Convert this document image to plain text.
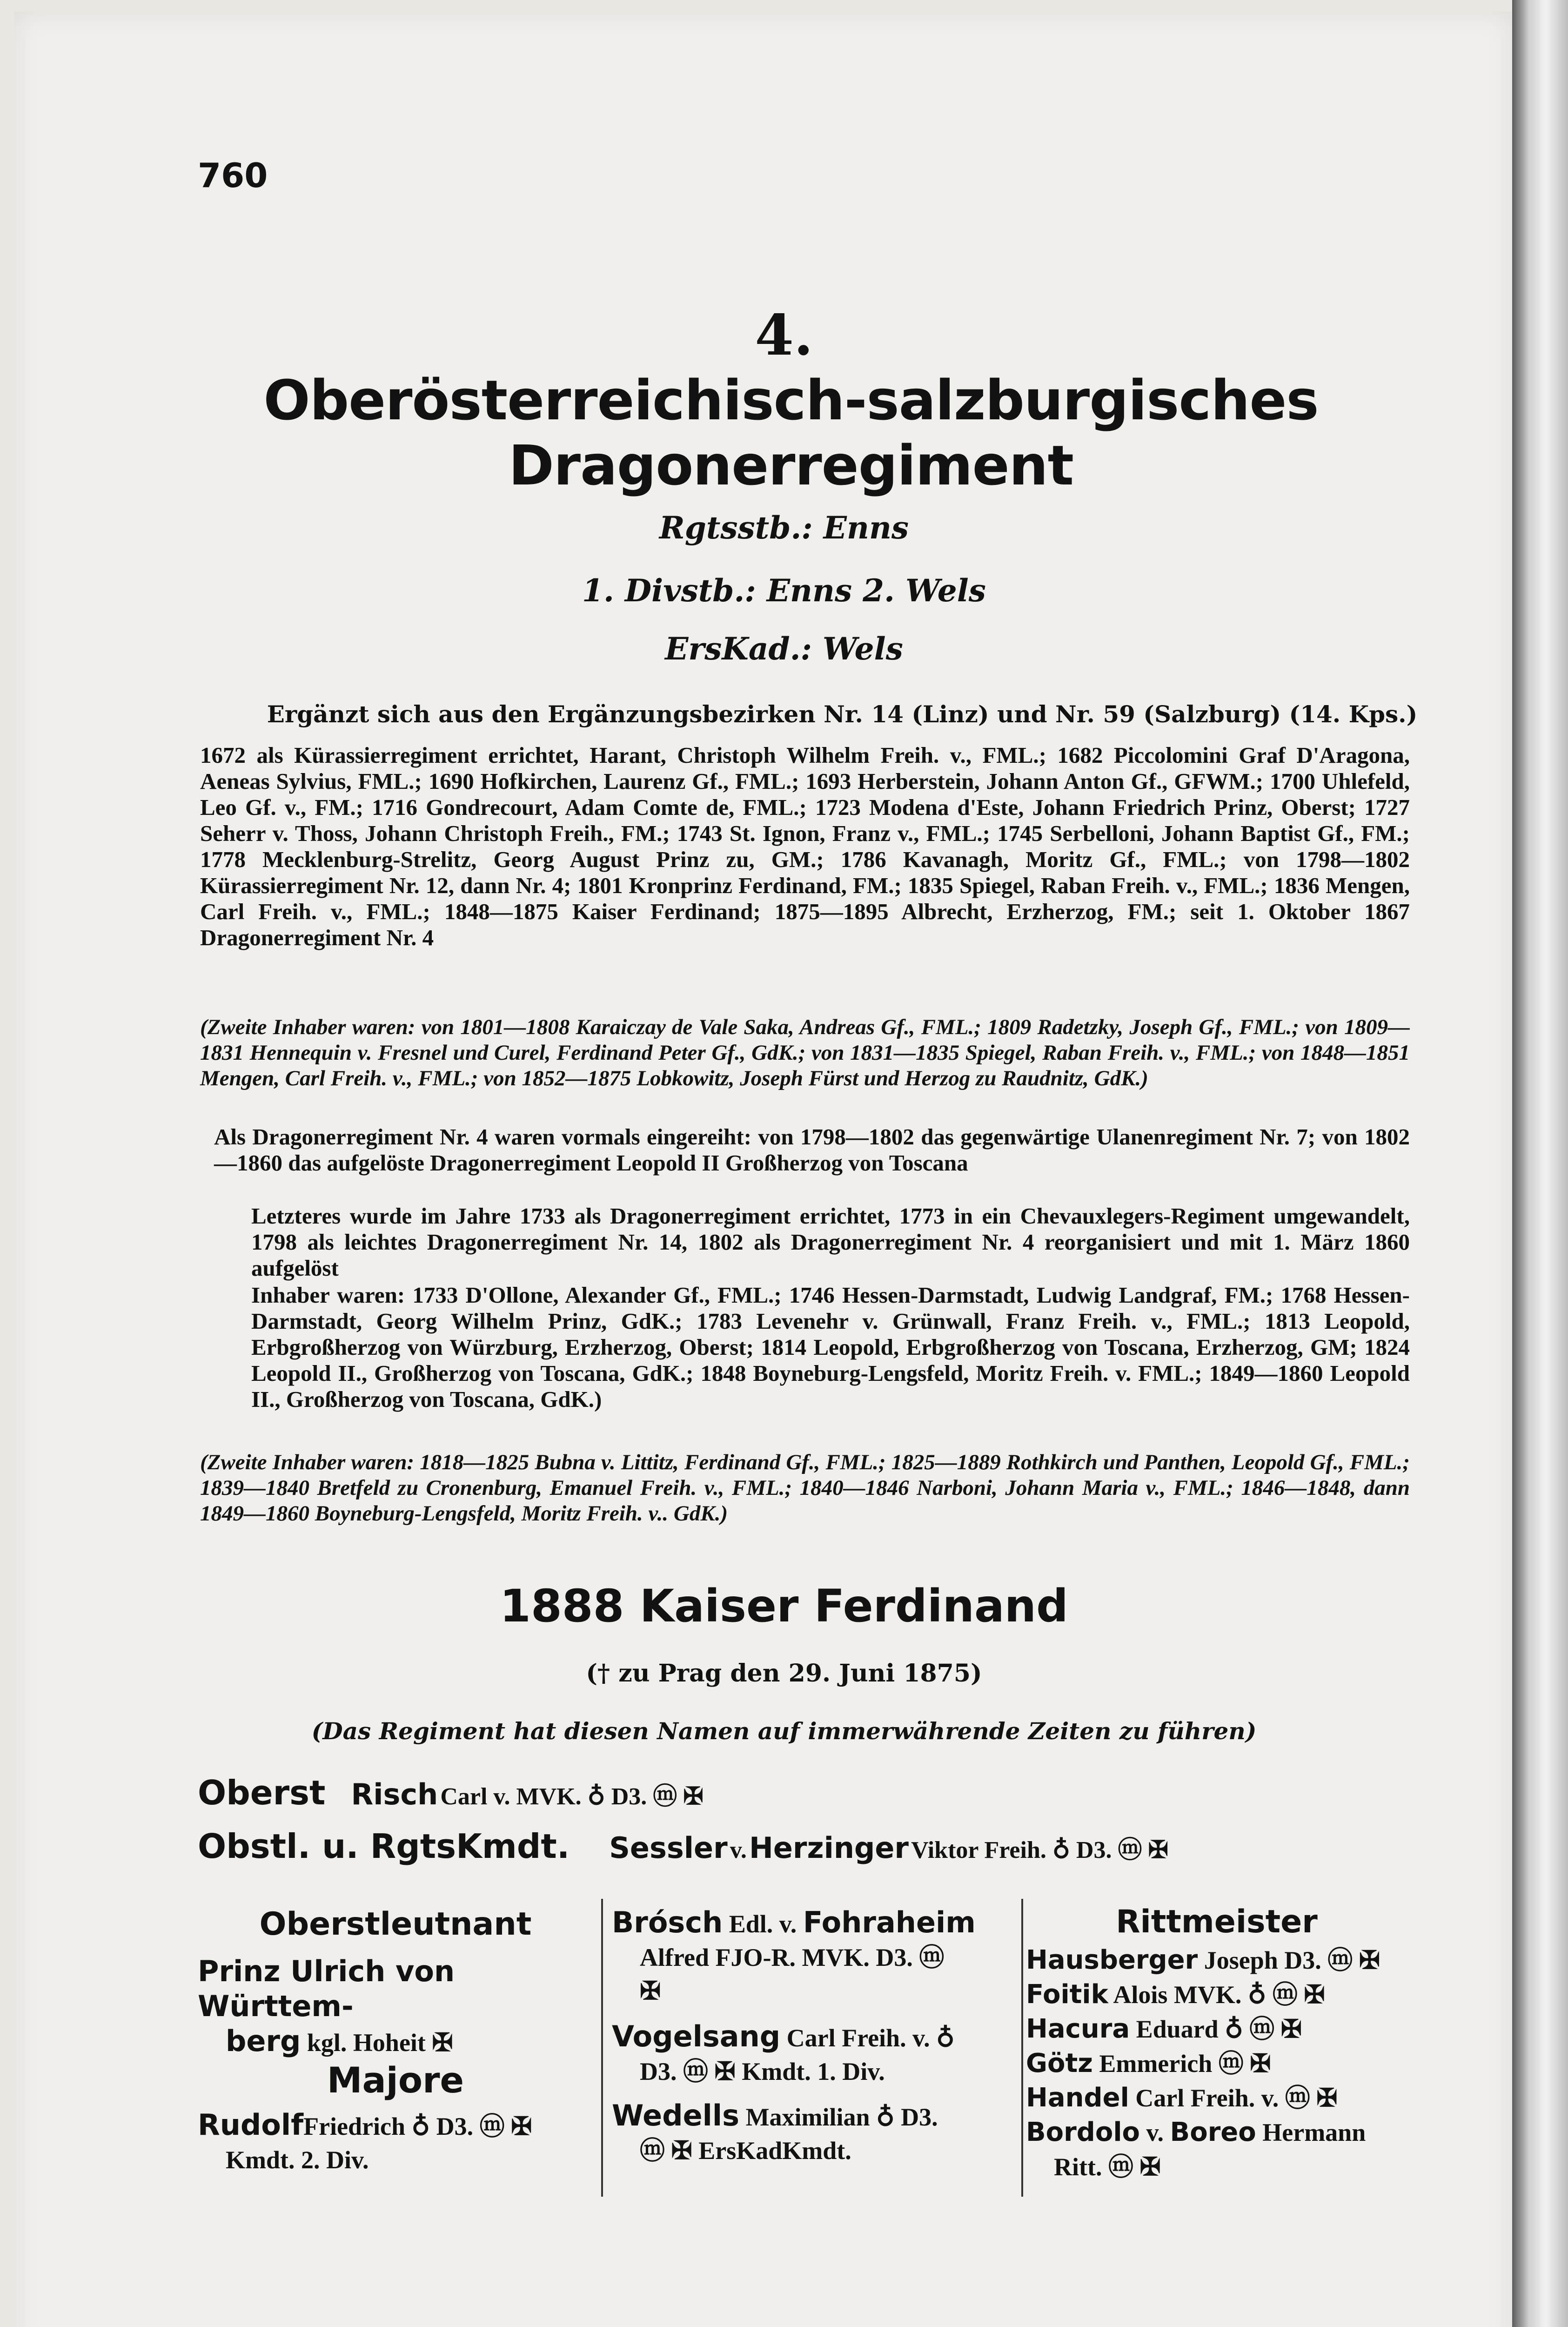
760
4.
Oberösterreichisch-salzburgisches Dragonerregiment
Rgtsstb.: Enns
1. Divstb.: Enns 2. Wels
ErsKad.: Wels
Ergänzt sich aus den Ergänzungsbezirken Nr. 14 (Linz) und Nr. 59 (Salzburg) (14. Kps.)
1672 als Kürassierregiment errichtet, Harant, Christoph Wilhelm Freih. v., FML.; 1682 Piccolomini Graf D'Aragona, Aeneas Sylvius, FML.; 1690 Hofkirchen, Laurenz Gf., FML.; 1693 Herberstein, Johann Anton Gf., GFWM.; 1700 Uhlefeld, Leo Gf. v., FM.; 1716 Gondrecourt, Adam Comte de, FML.; 1723 Modena d'Este, Johann Friedrich Prinz, Oberst; 1727 Seherr v. Thoss, Johann Christoph Freih., FM.; 1743 St. Ignon, Franz v., FML.; 1745 Serbelloni, Johann Baptist Gf., FM.; 1778 Mecklenburg-Strelitz, Georg August Prinz zu, GM.; 1786 Kavanagh, Moritz Gf., FML.; von 1798—1802 Kürassierregiment Nr. 12, dann Nr. 4; 1801 Kronprinz Ferdinand, FM.; 1835 Spiegel, Raban Freih. v., FML.; 1836 Mengen, Carl Freih. v., FML.; 1848—1875 Kaiser Ferdinand; 1875—1895 Albrecht, Erzherzog, FM.; seit 1. Oktober 1867 Dragonerregiment Nr. 4
(Zweite Inhaber waren: von 1801—1808 Karaiczay de Vale Saka, Andreas Gf., FML.; 1809 Radetzky, Joseph Gf., FML.; von 1809—1831 Hennequin v. Fresnel und Curel, Ferdinand Peter Gf., GdK.; von 1831—1835 Spiegel, Raban Freih. v., FML.; von 1848—1851 Mengen, Carl Freih. v., FML.; von 1852—1875 Lobkowitz, Joseph Fürst und Herzog zu Raudnitz, GdK.)
Als Dragonerregiment Nr. 4 waren vormals eingereiht: von 1798—1802 das gegenwärtige Ulanenregiment Nr. 7; von 1802—1860 das aufgelöste Dragonerregiment Leopold II Großherzog von Toscana
Letzteres wurde im Jahre 1733 als Dragonerregiment errichtet, 1773 in ein Chevauxlegers-Regiment umgewandelt, 1798 als leichtes Dragonerregiment Nr. 14, 1802 als Dragonerregiment Nr. 4 reorganisiert und mit 1. März 1860 aufgelöst
Inhaber waren: 1733 D'Ollone, Alexander Gf., FML.; 1746 Hessen-Darmstadt, Ludwig Landgraf, FM.; 1768 Hessen-Darmstadt, Georg Wilhelm Prinz, GdK.; 1783 Levenehr v. Grünwall, Franz Freih. v., FML.; 1813 Leopold, Erbgroßherzog von Würzburg, Erzherzog, Oberst; 1814 Leopold, Erbgroßherzog von Toscana, Erzherzog, GM; 1824 Leopold II., Großherzog von Toscana, GdK.; 1848 Boyneburg-Lengsfeld, Moritz Freih. v. FML.; 1849—1860 Leopold II., Großherzog von Toscana, GdK.)
(Zweite Inhaber waren: 1818—1825 Bubna v. Littitz, Ferdinand Gf., FML.; 1825—1889 Rothkirch und Panthen, Leopold Gf., FML.; 1839—1840 Bretfeld zu Cronenburg, Emanuel Freih. v., FML.; 1840—1846 Narboni, Johann Maria v., FML.; 1846—1848, dann 1849—1860 Boyneburg-Lengsfeld, Moritz Freih. v.. GdK.)
1888 Kaiser Ferdinand
(† zu Prag den 29. Juni 1875)
(Das Regiment hat diesen Namen auf immerwährende Zeiten zu führen)
Oberst Risch Carl v. MVK. ♁ D3. ⓜ ✠
Obstl. u. RgtsKmdt. Sessler v. Herzinger Viktor Freih. ♁ D3. ⓜ ✠
Oberstleutnant
Prinz Ulrich von Württem-
berg kgl. Hoheit ✠
Majore
RudolfFriedrich ♁ D3. ⓜ ✠
Kmdt. 2. Div.
Brósch Edl. v. Fohraheim
Alfred FJO-R. MVK. D3. ⓜ
✠
Vogelsang Carl Freih. v. ♁
D3. ⓜ ✠ Kmdt. 1. Div.
Wedells Maximilian ♁ D3.
ⓜ ✠ ErsKadKmdt.
Rittmeister
Hausberger Joseph D3. ⓜ ✠
Foitik Alois MVK. ♁ ⓜ ✠
Hacura Eduard ♁ ⓜ ✠
Götz Emmerich ⓜ ✠
Handel Carl Freih. v. ⓜ ✠
Bordolo v. Boreo Hermann
Ritt. ⓜ ✠
